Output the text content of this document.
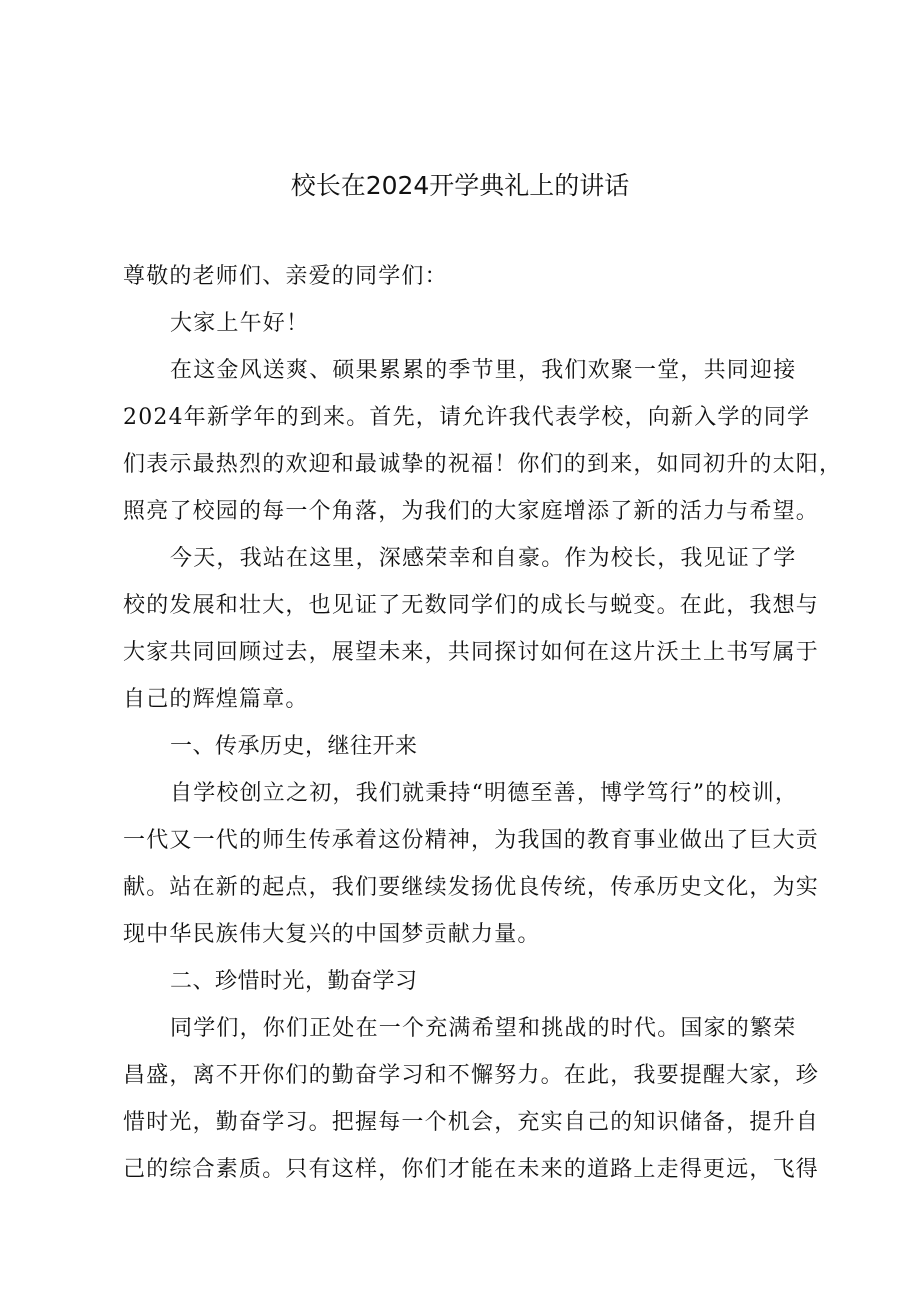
校长在2024开学典礼上的讲话
尊敬的老师们、亲爱的同学们：
大家上午好！
在这金风送爽、硕果累累的季节里，我们欢聚一堂，共同迎接
2024年新学年的到来。首先，请允许我代表学校，向新入学的同学
们表示最热烈的欢迎和最诚挚的祝福！你们的到来，如同初升的太阳，
照亮了校园的每一个角落，为我们的大家庭增添了新的活力与希望。
今天，我站在这里，深感荣幸和自豪。作为校长，我见证了学
校的发展和壮大，也见证了无数同学们的成长与蜕变。在此，我想与
大家共同回顾过去，展望未来，共同探讨如何在这片沃土上书写属于
自己的辉煌篇章。
一、传承历史，继往开来
自学校创立之初，我们就秉持“明德至善，博学笃行”的校训，
一代又一代的师生传承着这份精神，为我国的教育事业做出了巨大贡
献。站在新的起点，我们要继续发扬优良传统，传承历史文化，为实
现中华民族伟大复兴的中国梦贡献力量。
二、珍惜时光，勤奋学习
同学们，你们正处在一个充满希望和挑战的时代。国家的繁荣
昌盛，离不开你们的勤奋学习和不懈努力。在此，我要提醒大家，珍
惜时光，勤奋学习。把握每一个机会，充实自己的知识储备，提升自
己的综合素质。只有这样，你们才能在未来的道路上走得更远，飞得
